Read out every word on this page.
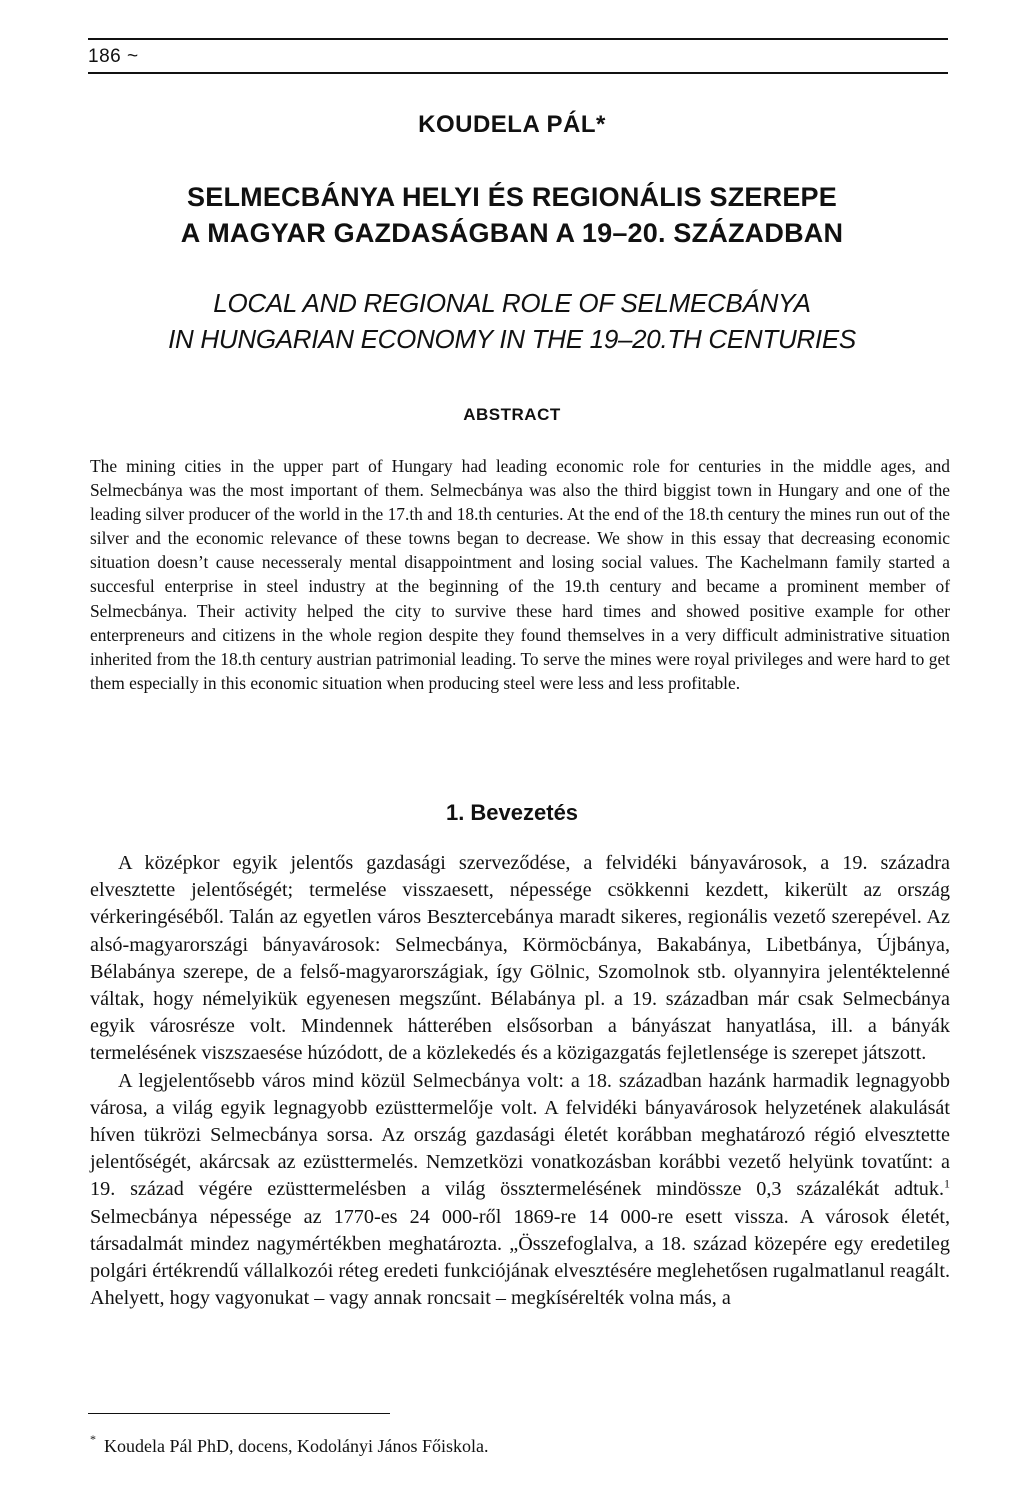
186 ~
KOUDELA PÁL*
SELMECBÁNYA HELYI ÉS REGIONÁLIS SZEREPE
A MAGYAR GAZDASÁGBAN A 19–20. SZÁZADBAN
LOCAL AND REGIONAL ROLE OF SELMECBÁNYA
IN HUNGARIAN ECONOMY IN THE 19–20.TH CENTURIES
ABSTRACT
The mining cities in the upper part of Hungary had leading economic role for centuries in the middle ages, and Selmecbánya was the most important of them. Selmecbánya was also the third biggist town in Hungary and one of the leading silver producer of the world in the 17.th and 18.th centuries. At the end of the 18.th century the mines run out of the silver and the economic relevance of these towns began to decrease. We show in this essay that decreasing economic situation doesn’t cause necesseraly mental disappointment and losing social values. The Kachelmann family started a succesful enterprise in steel industry at the beginning of the 19.th century and became a prominent member of Selmecbánya. Their activity helped the city to survive these hard times and showed positive example for other enterpreneurs and citizens in the whole region despite they found themselves in a very difficult administrative situation inherited from the 18.th century austrian patrimonial leading. To serve the mines were royal privileges and were hard to get them especially in this economic situation when producing steel were less and less profitable.
1. Bevezetés

A középkor egyik jelentős gazdasági szerveződése, a felvidéki bányavárosok, a 19. századra elvesztette jelentőségét; termelése visszaesett, népessége csökkenni kezdett, kikerült az ország vérkeringéséből. Talán az egyetlen város Besztercebánya maradt sikeres, regionális vezető szerepével. Az alsó-magyarországi bányavárosok: Selmecbánya, Körmöcbánya, Bakabánya, Libetbánya, Újbánya, Bélabánya szerepe, de a felső-magyarországiak, így Gölnic, Szomolnok stb. olyannyira jelentéktelenné váltak, hogy némelyikük egyenesen megszűnt. Bélabánya pl. a 19. században már csak Selmecbánya egyik városrésze volt. Mindennek hátterében elsősorban a bányászat hanyatlása, ill. a bányák termelésének viszszaesése húzódott, de a közlekedés és a közigazgatás fejletlensége is szerepet játszott.

A legjelentősebb város mind közül Selmecbánya volt: a 18. században hazánk harmadik legnagyobb városa, a világ egyik legnagyobb ezüsttermelője volt. A felvidéki bányavárosok helyzetének alakulását híven tükrözi Selmecbánya sorsa. Az ország gazdasági életét korábban meghatározó régió elvesztette jelentőségét, akárcsak az ezüsttermelés. Nemzetközi vonatkozásban korábbi vezető helyünk tovatűnt: a 19. század végére ezüsttermelésben a világ össztermelésének mindössze 0,3 százalékát adtuk.$^1$ Selmecbánya népessége az 1770-es 24 000-ről 1869-re 14 000-re esett vissza. A városok életét, társadalmát mindez nagymértékben meghatározta. „Összefoglalva, a 18. század közepére egy eredetileg polgári értékrendű vállalkozói réteg eredeti funkciójának elvesztésére meglehetősen rugalmatlanul reagált. Ahelyett, hogy vagyonukat – vagy annak roncsait – megkísérelték volna más, a

* Koudela Pál PhD, docens, Kodolányi János Főiskola.
